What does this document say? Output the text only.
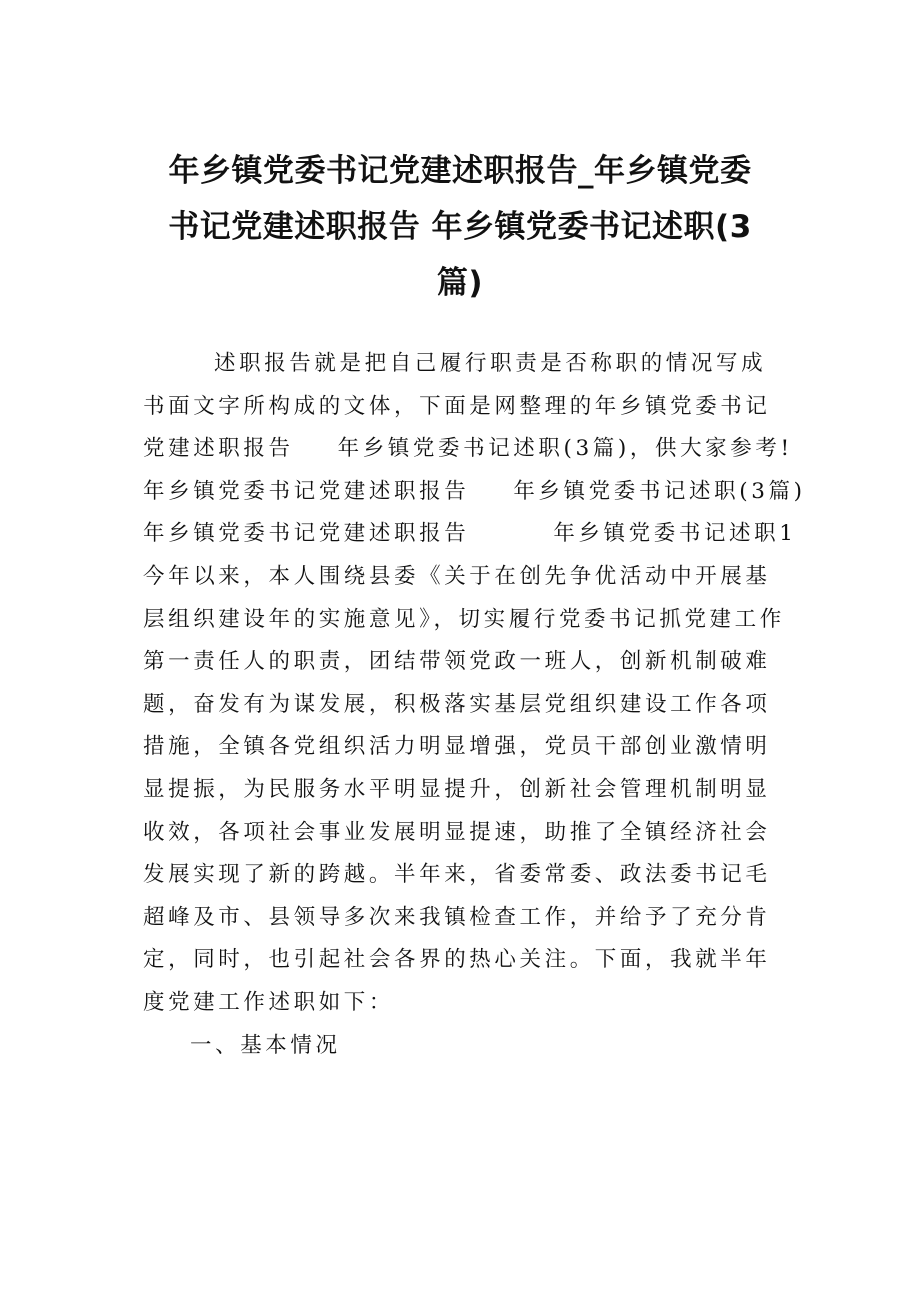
年乡镇党委书记党建述职报告_年乡镇党委
书记党建述职报告 年乡镇党委书记述职(3
篇)
述职报告就是把自己履行职责是否称职的情况写成
书面文字所构成的文体，下面是网整理的年乡镇党委书记
党建述职报告 年乡镇党委书记述职(3篇)，供大家参考!
年乡镇党委书记党建述职报告 年乡镇党委书记述职(3篇)
年乡镇党委书记党建述职报告	年乡镇党委书记述职1
今年以来，本人围绕县委《关于在创先争优活动中开展基
层组织建设年的实施意见》，切实履行党委书记抓党建工作
第一责任人的职责，团结带领党政一班人，创新机制破难
题，奋发有为谋发展，积极落实基层党组织建设工作各项
措施，全镇各党组织活力明显增强，党员干部创业激情明
显提振，为民服务水平明显提升，创新社会管理机制明显
收效，各项社会事业发展明显提速，助推了全镇经济社会
发展实现了新的跨越。半年来，省委常委、政法委书记毛
超峰及市、县领导多次来我镇检查工作，并给予了充分肯
定，同时，也引起社会各界的热心关注。下面，我就半年
度党建工作述职如下：
一、基本情况
